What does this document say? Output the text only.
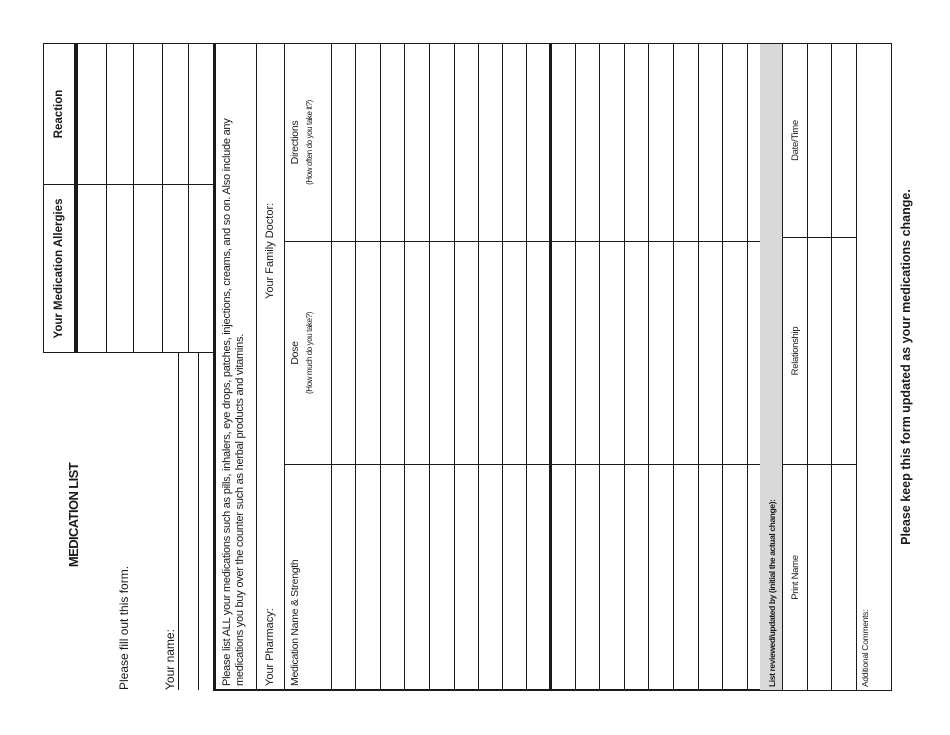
MEDICATION LIST
Please fill out this form.	Your name:
Your Medication Allergies
Reaction
Please list ALL your medications such as pills, inhalers, eye drops, patches, injections, creams, and so on. Also include any medications you buy over the counter such as herbal products and vitamins. Your Pharmacy:
Your Family Doctor:
Medication Name & Strength
Dose (How much do you take?)
Directions (How often do you take it?)
List reviewed/updated by (initial the actual change):	Print Name
Relationship
Date/Time
Additional Comments:
Please keep this form updated as your medications change.
